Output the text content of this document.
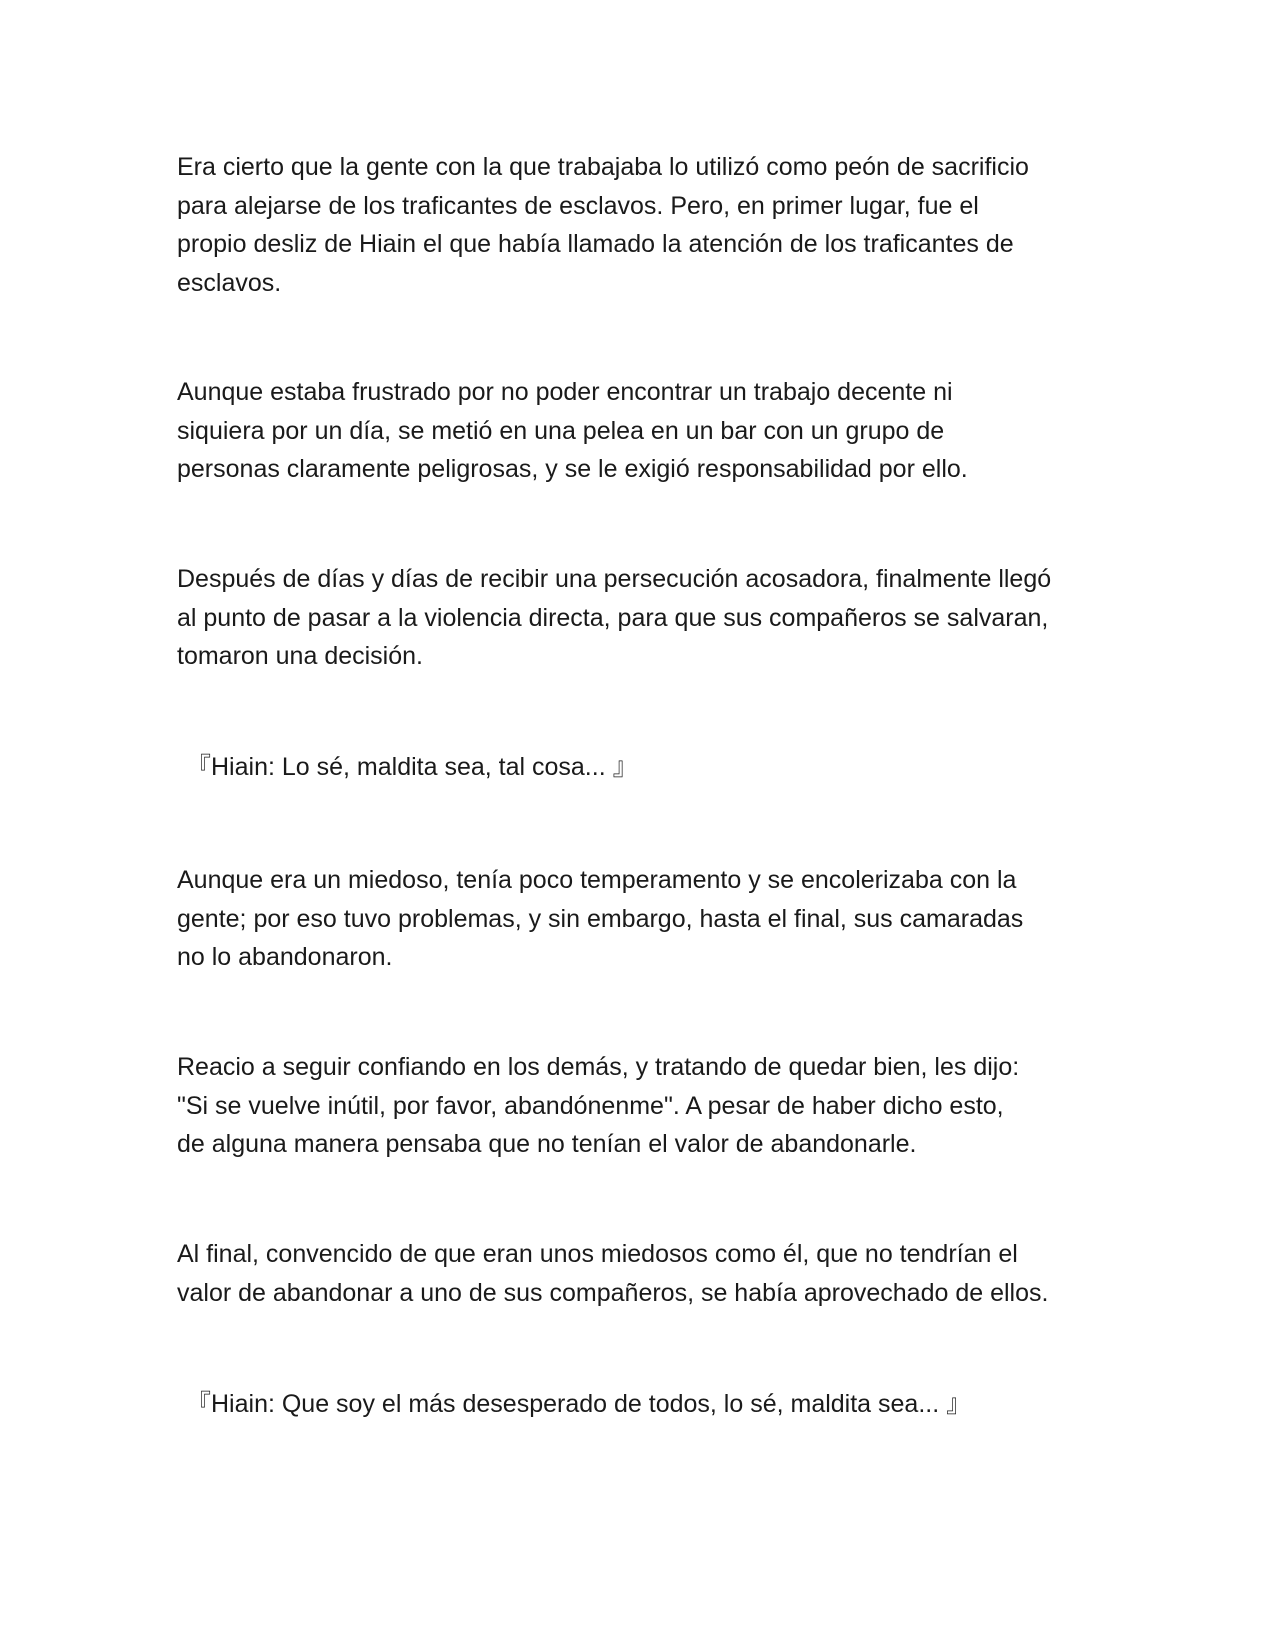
Era cierto que la gente con la que trabajaba lo utilizó como peón de sacrificio
para alejarse de los traficantes de esclavos. Pero, en primer lugar, fue el
propio desliz de Hiain el que había llamado la atención de los traficantes de
esclavos.

Aunque estaba frustrado por no poder encontrar un trabajo decente ni
siquiera por un día, se metió en una pelea en un bar con un grupo de
personas claramente peligrosas, y se le exigió responsabilidad por ello.

Después de días y días de recibir una persecución acosadora, finalmente llegó
al punto de pasar a la violencia directa, para que sus compañeros se salvaran,
tomaron una decisión.

『Hiain: Lo sé, maldita sea, tal cosa... 』

Aunque era un miedoso, tenía poco temperamento y se encolerizaba con la
gente; por eso tuvo problemas, y sin embargo, hasta el final, sus camaradas
no lo abandonaron.

Reacio a seguir confiando en los demás, y tratando de quedar bien, les dijo:
"Si se vuelve inútil, por favor, abandónenme". A pesar de haber dicho esto,
de alguna manera pensaba que no tenían el valor de abandonarle.

Al final, convencido de que eran unos miedosos como él, que no tendrían el
valor de abandonar a uno de sus compañeros, se había aprovechado de ellos.

『Hiain: Que soy el más desesperado de todos, lo sé, maldita sea... 』
